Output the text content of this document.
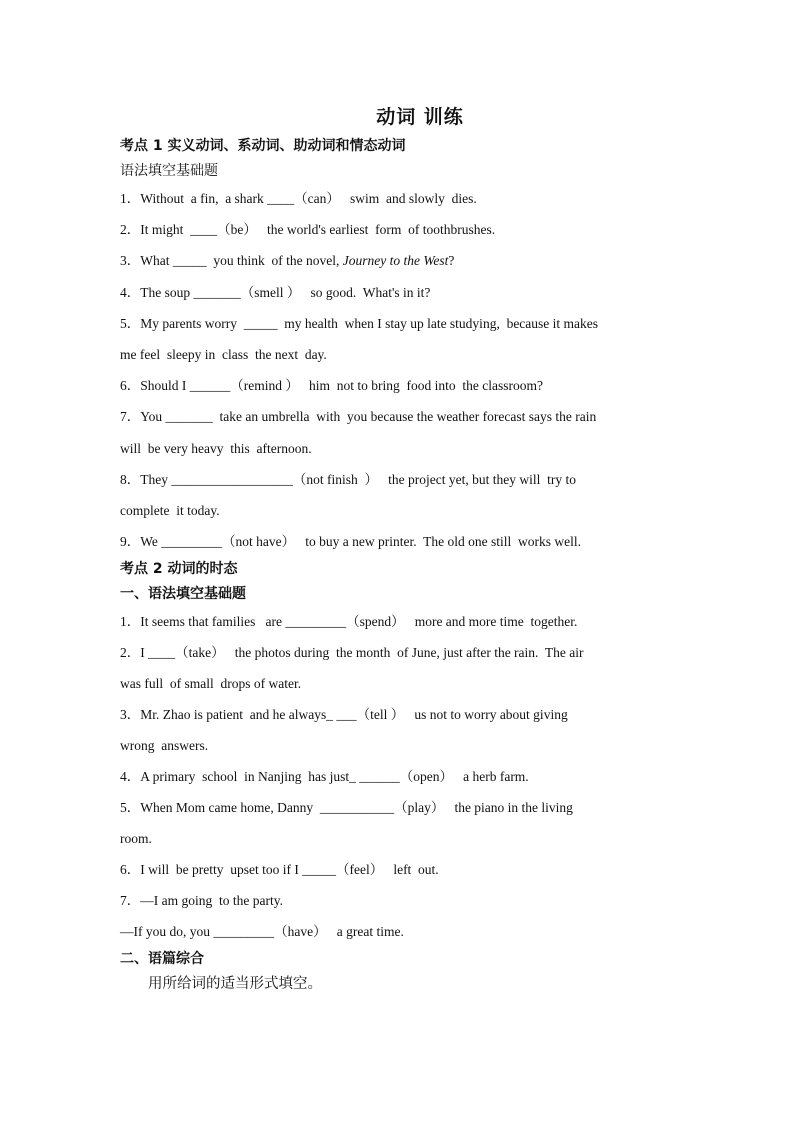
动词 训练
考点 1 实义动词、系动词、助动词和情态动词
语法填空基础题
1．Without  a fin,  a shark ____（can）   swim  and slowly  dies.
2．It might  ____（be）   the world's earliest  form  of toothbrushes.
3．What _____  you think  of the novel, Journey to the West?
4．The soup _______（smell ）   so good.  What's in it?
5．My parents worry  _____  my health  when I stay up late studying,  because it makes
me feel  sleepy in  class  the next  day.
6．Should I ______（remind ）   him  not to bring  food into  the classroom?
7．You _______  take an umbrella  with  you because the weather forecast says the rain
will  be very heavy  this  afternoon.
8．They __________________（not finish  ）   the project yet, but they will  try to
complete  it today.
9．We _________（not have）   to buy a new printer.  The old one still  works well.
考点 2 动词的时态
一、语法填空基础题
1．It seems that families   are _________（spend）   more and more time  together.
2．I ____（take）   the photos during  the month  of June, just after the rain.  The air
was full  of small  drops of water.
3．Mr. Zhao is patient  and he always_ ___（tell ）   us not to worry about giving
wrong  answers.
4．A primary  school  in Nanjing  has just_ ______（open）   a herb farm.
5．When Mom came home, Danny  ___________（play）   the piano in the living
room.
6．I will  be pretty  upset too if I _____（feel）   left  out.
7．—I am going  to the party.
—If you do, you _________（have）   a great time.
二、语篇综合
用所给词的适当形式填空。
